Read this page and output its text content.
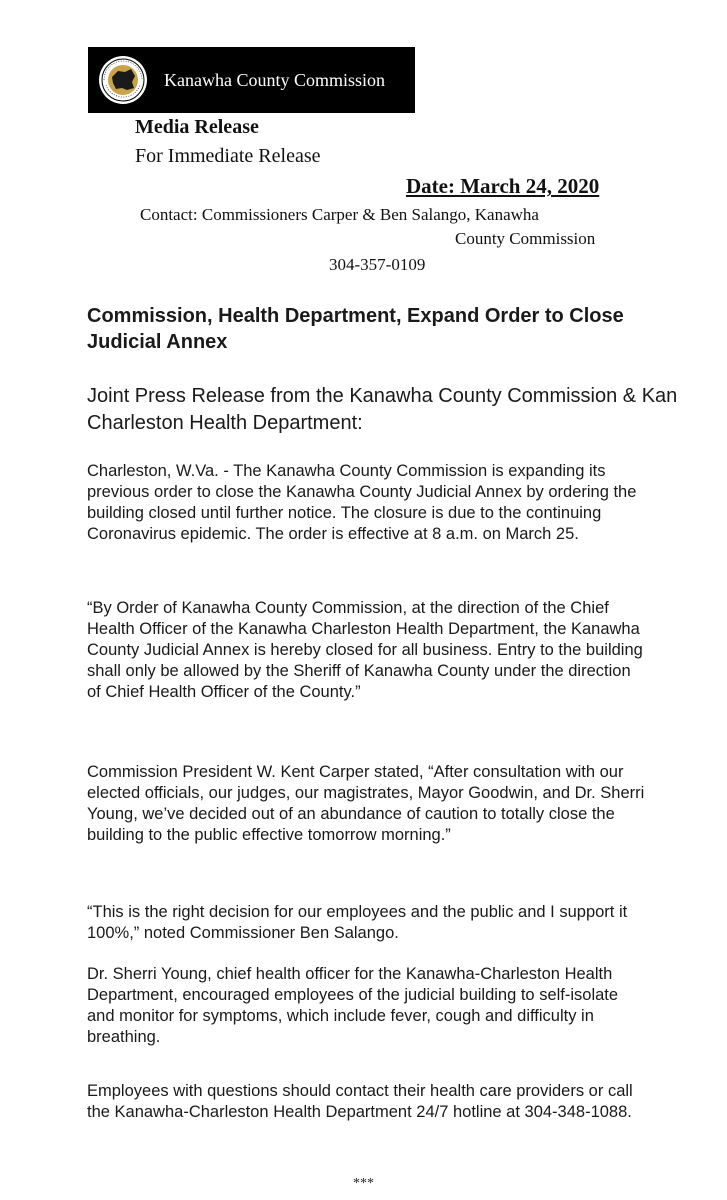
Kanawha County Commission
Media Release
For Immediate Release
Date: March 24, 2020
Contact: Commissioners Carper & Ben Salango, Kanawha
County Commission
304-357-0109
Commission, Health Department, Expand Order to Close Judicial Annex
Joint Press Release from the Kanawha County Commission & Kan Charleston Health Department:
Charleston, W.Va. - The Kanawha County Commission is expanding its previous order to close the Kanawha County Judicial Annex by ordering the building closed until further notice. The closure is due to the continuing Coronavirus epidemic. The order is effective at 8 a.m. on March 25.
“By Order of Kanawha County Commission, at the direction of the Chief Health Officer of the Kanawha Charleston Health Department, the Kanawha County Judicial Annex is hereby closed for all business. Entry to the building shall only be allowed by the Sheriff of Kanawha County under the direction of Chief Health Officer of the County.”
Commission President W. Kent Carper stated, “After consultation with our elected officials, our judges, our magistrates, Mayor Goodwin, and Dr. Sherri Young, we’ve decided out of an abundance of caution to totally close the building to the public effective tomorrow morning.”
“This is the right decision for our employees and the public and I support it 100%,” noted Commissioner Ben Salango.
Dr. Sherri Young, chief health officer for the Kanawha-Charleston Health Department, encouraged employees of the judicial building to self-isolate and monitor for symptoms, which include fever, cough and difficulty in breathing.
Employees with questions should contact their health care providers or call the Kanawha-Charleston Health Department 24/7 hotline at 304-348-1088.
***
